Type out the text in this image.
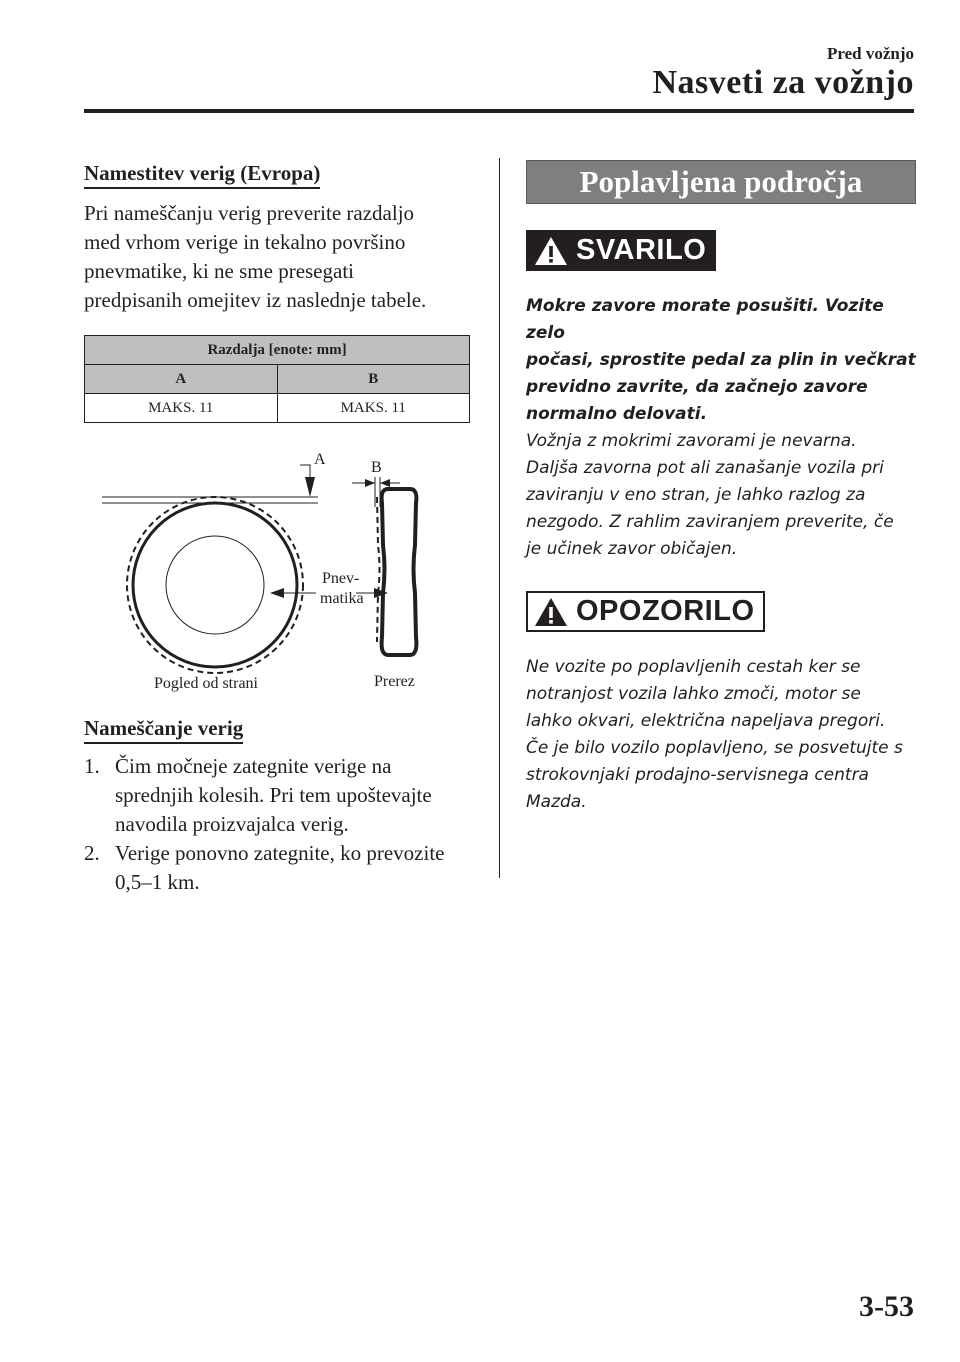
Pred vožnjo
Nasveti za vožnjo
Namestitev verig (Evropa)
Pri nameščanju verig preverite razdaljo
med vrhom verige in tekalno površino
pnevmatike, ki ne sme presegati
predpisanih omejitev iz naslednje tabele.
Razdalja [enote: mm]	
A	B
MAKS. 11	MAKS. 11
A	B
Pnev-
matika
Pogled od strani	Prerez
Nameščanje verig
1. Čim močneje zategnite verige na
sprednjih kolesih. Pri tem upoštevajte
navodila proizvajalca verig.
2. Verige ponovno zategnite, ko prevozite
0,5–1 km.
Poplavljena področja
SVARILO
Mokre zavore morate posušiti. Vozite zelo
počasi, sprostite pedal za plin in večkrat
previdno zavrite, da začnejo zavore
normalno delovati.
Vožnja z mokrimi zavorami je nevarna.
Daljša zavorna pot ali zanašanje vozila pri
zaviranju v eno stran, je lahko razlog za
nezgodo. Z rahlim zaviranjem preverite, če
je učinek zavor običajen.
OPOZORILO
Ne vozite po poplavljenih cestah ker se
notranjost vozila lahko zmoči, motor se
lahko okvari, električna napeljava pregori.
Če je bilo vozilo poplavljeno, se posvetujte s
strokovnjaki prodajno-servisnega centra
Mazda.
3-53
